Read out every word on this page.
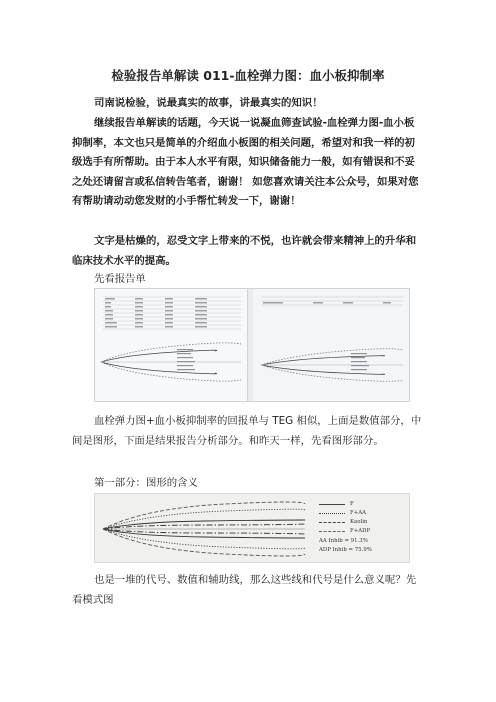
检验报告单解读 011-血栓弹力图：血小板抑制率

司南说检验，说最真实的故事，讲最真实的知识！

继续报告单解读的话题，今天说一说凝血筛查试验-血栓弹力图-血小板抑制率，本文也只是简单的介绍血小板图的相关问题，希望对和我一样的初级选手有所帮助。由于本人水平有限，知识储备能力一般，如有错误和不妥之处还请留言或私信转告笔者，谢谢！ 如您喜欢请关注本公众号，如果对您有帮助请动动您发财的小手帮忙转发一下，谢谢！

文字是枯燥的，忍受文字上带来的不悦，也许就会带来精神上的升华和临床技术水平的提高。

先看报告单

血栓弹力图+血小板抑制率的回报单与 TEG 相似，上面是数值部分，中间是图形，下面是结果报告分析部分。和昨天一样，先看图形部分。

第一部分：图形的含义
F
F+AA
Kaolin
F+ADP
AA Inhib = 91.3%
ADP Inhib = 75.9%

也是一堆的代号、数值和辅助线，那么这些线和代号是什么意义呢？先看模式图
